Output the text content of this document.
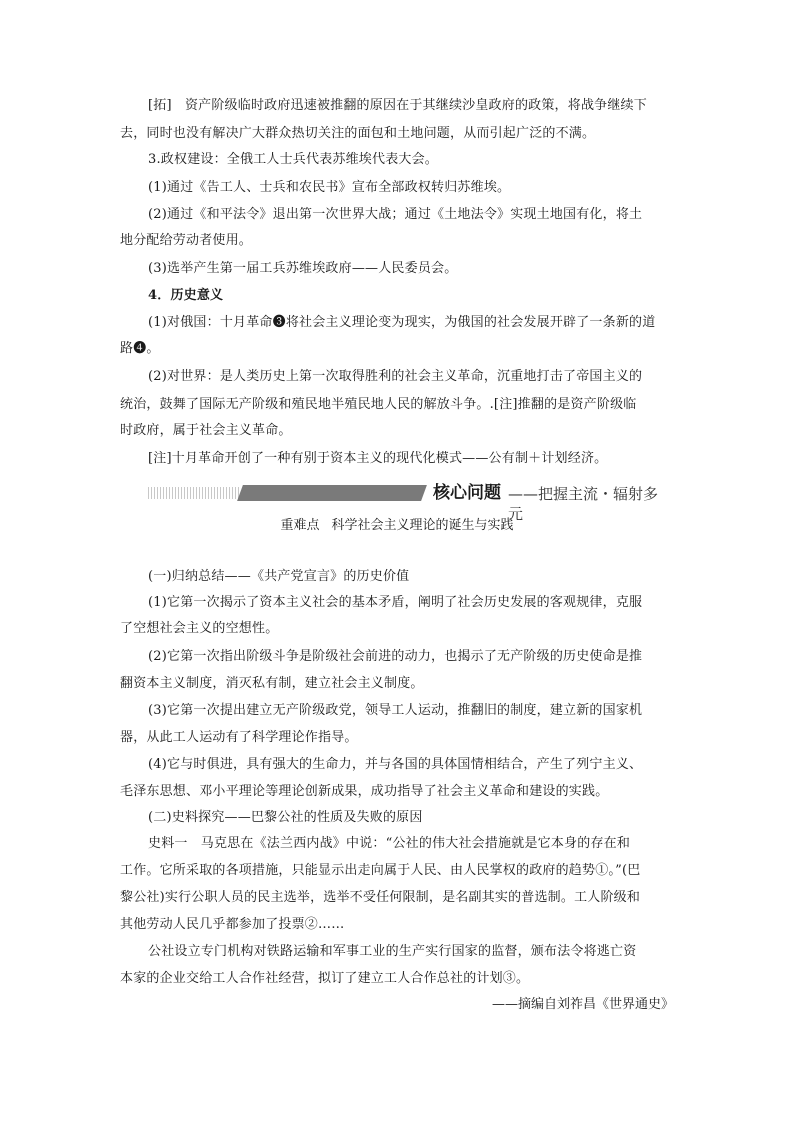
[拓]　资产阶级临时政府迅速被推翻的原因在于其继续沙皇政府的政策，将战争继续下
去，同时也没有解决广大群众热切关注的面包和土地问题，从而引起广泛的不满。
3.政权建设：全俄工人士兵代表苏维埃代表大会。
(1)通过《告工人、士兵和农民书》宣布全部政权转归苏维埃。
(2)通过《和平法令》退出第一次世界大战；通过《土地法令》实现土地国有化，将土
地分配给劳动者使用。
(3)选举产生第一届工兵苏维埃政府——人民委员会。
4．历史意义
(1)对俄国：十月革命❸将社会主义理论变为现实，为俄国的社会发展开辟了一条新的道
路❹。
(2)对世界：是人类历史上第一次取得胜利的社会主义革命，沉重地打击了帝国主义的
统治，鼓舞了国际无产阶级和殖民地半殖民地人民的解放斗争。.[注]推翻的是资产阶级临
时政府，属于社会主义革命。
[注]十月革命开创了一种有别于资本主义的现代化模式——公有制＋计划经济。
核心问题 ——把握主流・辐射多元
重难点 科学社会主义理论的诞生与实践
(一)归纳总结——《共产党宣言》的历史价值
(1)它第一次揭示了资本主义社会的基本矛盾，阐明了社会历史发展的客观规律，克服
了空想社会主义的空想性。
(2)它第一次指出阶级斗争是阶级社会前进的动力，也揭示了无产阶级的历史使命是推
翻资本主义制度，消灭私有制，建立社会主义制度。
(3)它第一次提出建立无产阶级政党，领导工人运动，推翻旧的制度，建立新的国家机
器，从此工人运动有了科学理论作指导。
(4)它与时俱进，具有强大的生命力，并与各国的具体国情相结合，产生了列宁主义、
毛泽东思想、邓小平理论等理论创新成果，成功指导了社会主义革命和建设的实践。
(二)史料探究——巴黎公社的性质及失败的原因
史料一　马克思在《法兰西内战》中说：“公社的伟大社会措施就是它本身的存在和
工作。它所采取的各项措施，只能显示出走向属于人民、由人民掌权的政府的趋势①。”(巴
黎公社)实行公职人员的民主选举，选举不受任何限制，是名副其实的普选制。工人阶级和
其他劳动人民几乎都参加了投票②……
公社设立专门机构对铁路运输和军事工业的生产实行国家的监督，颁布法令将逃亡资
本家的企业交给工人合作社经营，拟订了建立工人合作总社的计划③。
——摘编自刘祚昌《世界通史》
